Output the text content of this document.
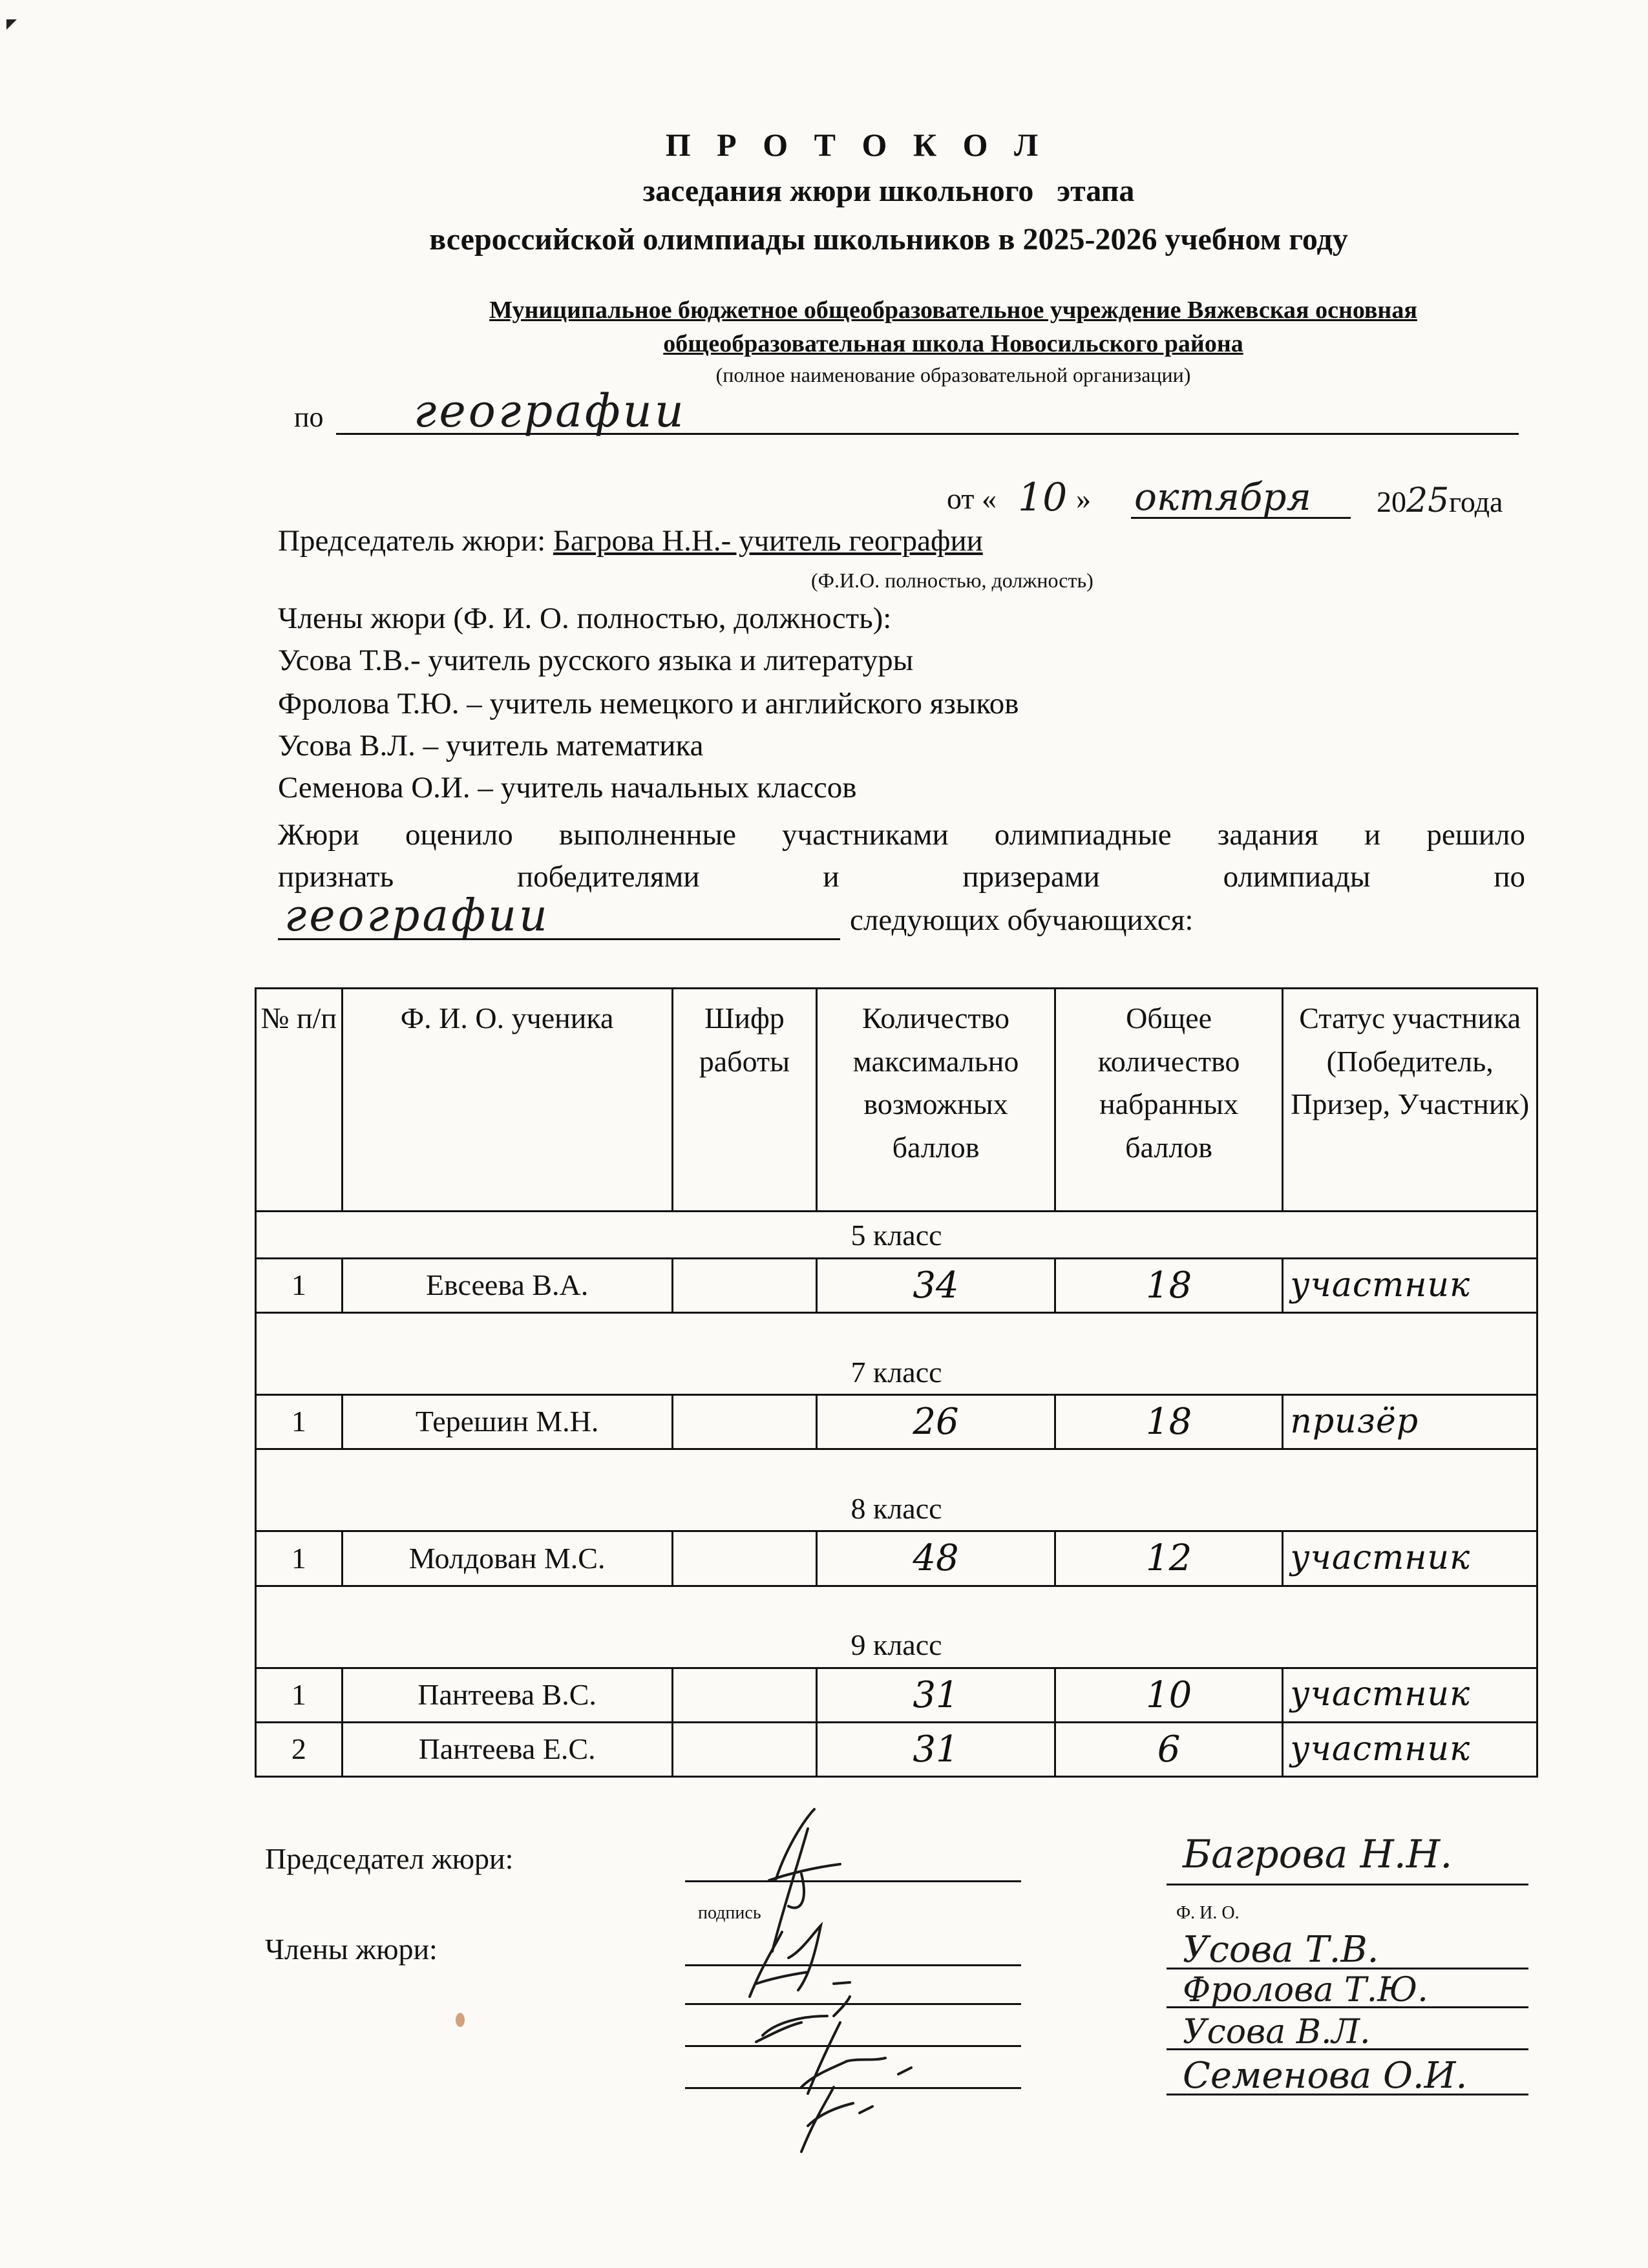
П Р О Т О К О Л
заседания жюри школьного   этапа
всероссийской олимпиады школьников в 2025-2026 учебном году
Муниципальное бюджетное общеобразовательное учреждение Вяжевская основная
общеобразовательная школа Новосильского района
(полное наименование образовательной организации)
по географии
от « 10 » октября 2025года
Председатель жюри: Багрова Н.Н.- учитель географии
(Ф.И.О. полностью, должность)
Члены жюри (Ф. И. О. полностью, должность):
Усова Т.В.- учитель русского языка и литературы
Фролова Т.Ю. – учитель немецкого и английского языков
Усова В.Л. – учитель математика
Семенова О.И. – учитель начальных классов
Жюри оценило выполненные участниками олимпиадные задания и решило
признать	победителями	и	призерами	олимпиады	по
географии	следующих обучающихся:
№ п/п	Ф. И. О. ученика	Шифр работы	Количество максимально возможных баллов	Общее количество набранных баллов	Статус участника (Победитель, Призер, Участник)
5 класс					
1	Евсеева В.А.		34	18	участник
7 класс					
1	Терешин М.Н.		26	18	призёр
8 класс					
1	Молдован М.С.		48	12	участник
9 класс					
1	Пантеева В.С.		31	10	участник
2	Пантеева Е.С.		31	6	участник
Председател жюри:
Члены жюри:
подпись	Ф. И. О.
Багрова Н.Н.
Усова Т.В.
Фролова Т.Ю.
Усова В.Л.
Семенова О.И.
